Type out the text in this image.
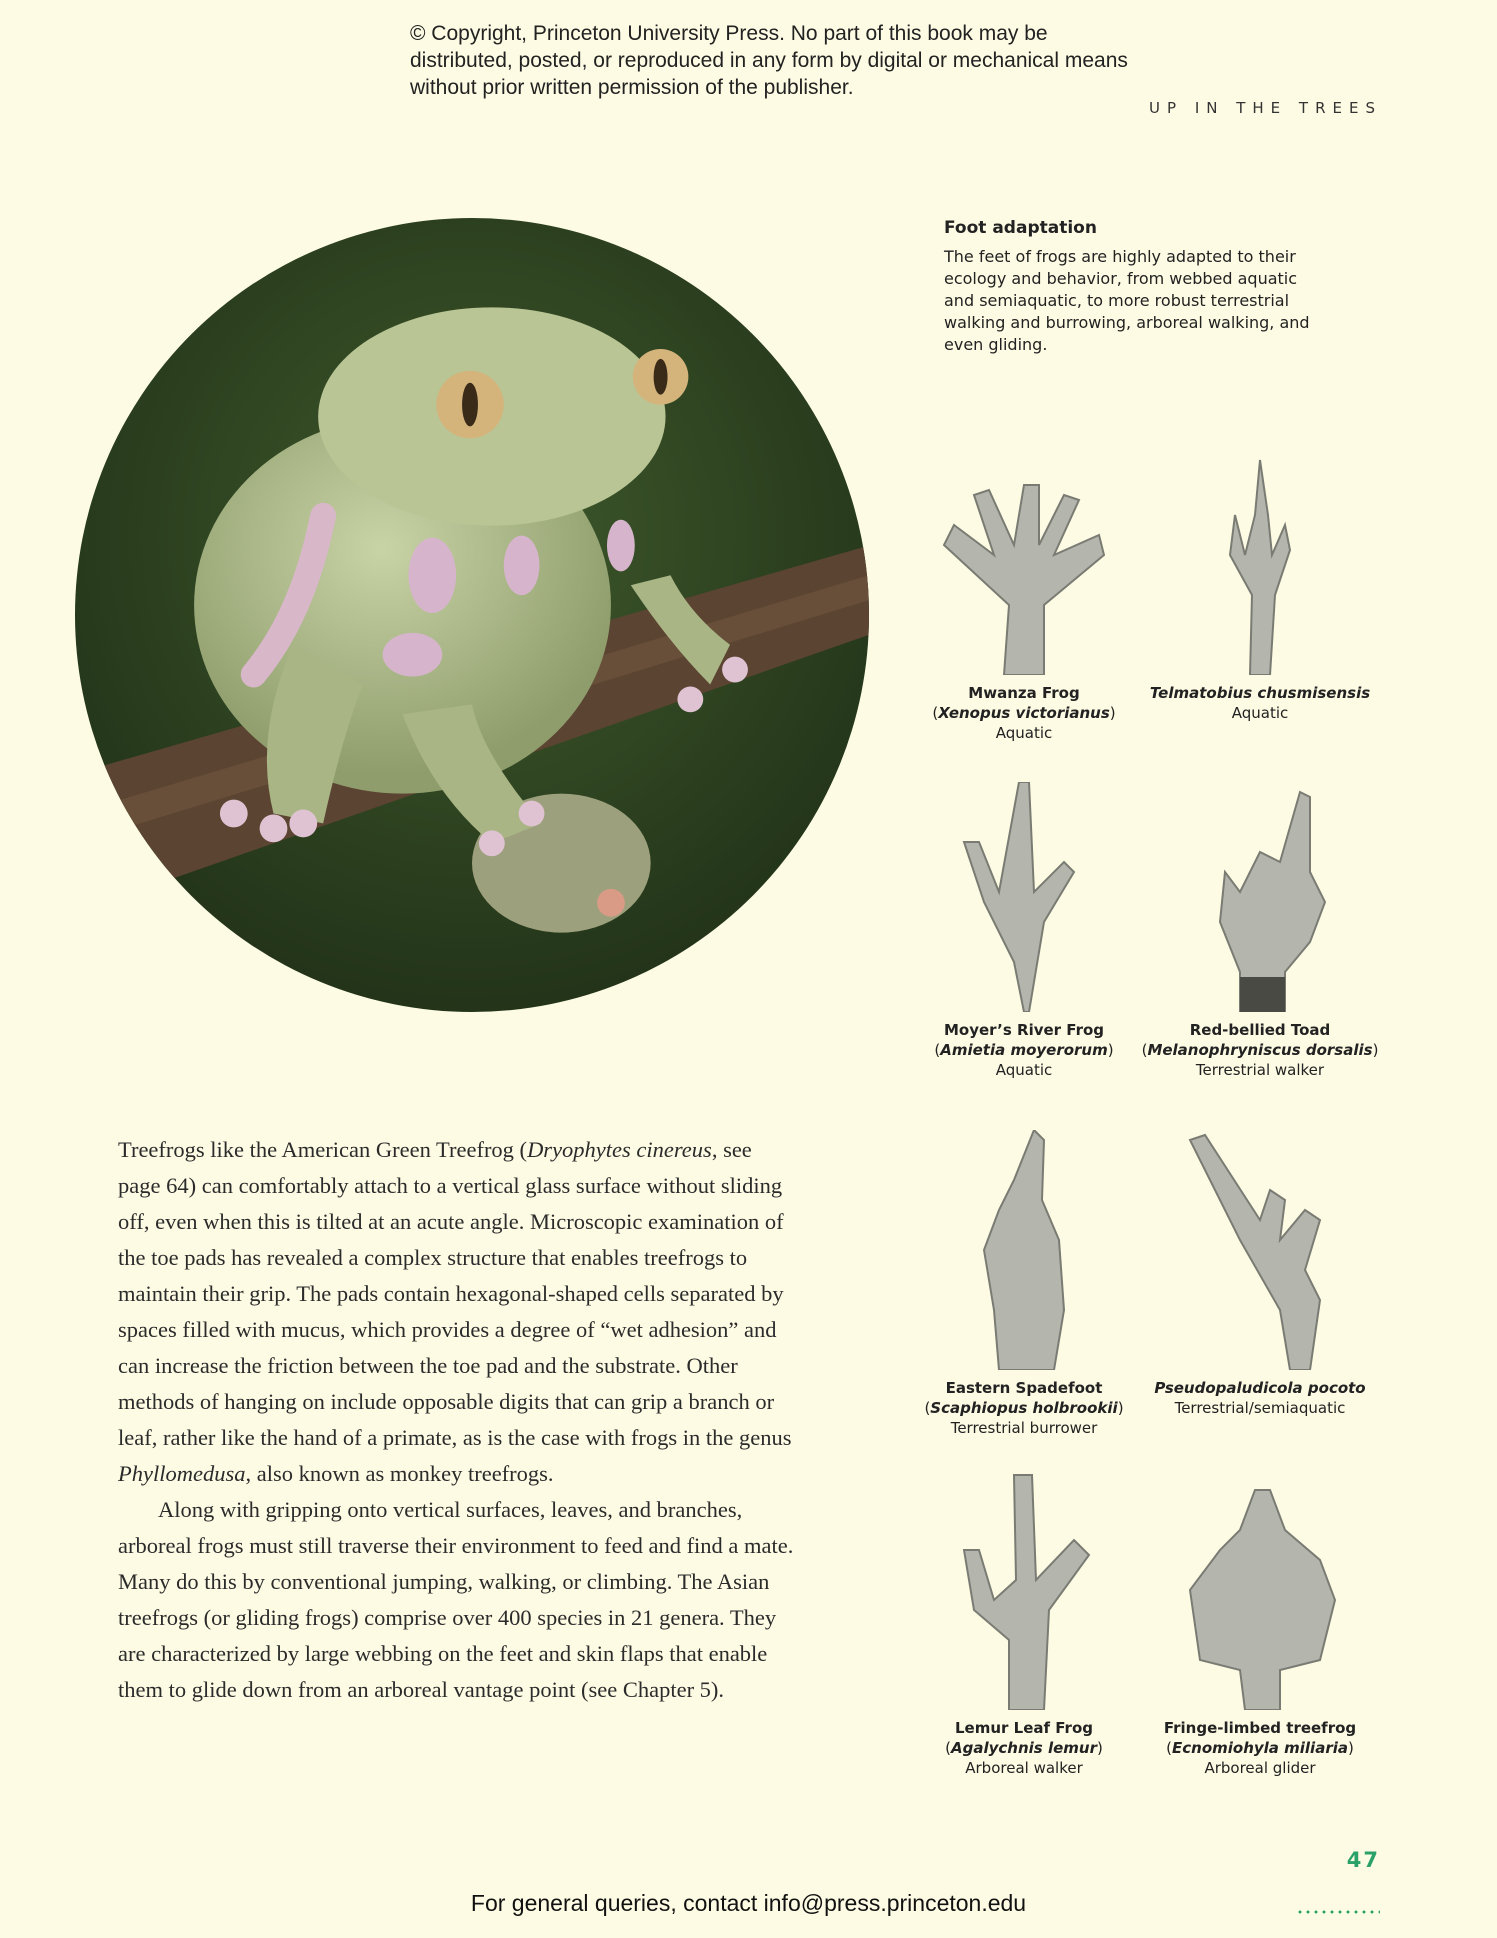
© Copyright, Princeton University Press. No part of this book may be distributed, posted, or reproduced in any form by digital or mechanical means without prior written permission of the publisher.
UP IN THE TREES
Foot adaptation

The feet of frogs are highly adapted to their ecology and behavior, from webbed aquatic and semiaquatic, to more robust terrestrial walking and burrowing, arboreal walking, and even gliding.

Mwanza Frog
(Xenopus victorianus)
Aquatic
Telmatobius chusmisensis
Aquatic
Moyer’s River Frog
(Amietia moyerorum)
Aquatic
Red-bellied Toad
(Melanophryniscus dorsalis)
Terrestrial walker
Eastern Spadefoot
(Scaphiopus holbrookii)
Terrestrial burrower
Pseudopaludicola pocoto
Terrestrial/semiaquatic
Lemur Leaf Frog
(Agalychnis lemur)
Arboreal walker
Fringe-limbed treefrog
(Ecnomiohyla miliaria)
Arboreal glider

Treefrogs like the American Green Treefrog (Dryophytes cinereus, see page 64) can comfortably attach to a vertical glass surface without sliding off, even when this is tilted at an acute angle. Microscopic examination of the toe pads has revealed a complex structure that enables treefrogs to maintain their grip. The pads contain hexagonal-shaped cells separated by spaces filled with mucus, which provides a degree of “wet adhesion” and can increase the friction between the toe pad and the substrate. Other methods of hanging on include opposable digits that can grip a branch or leaf, rather like the hand of a primate, as is the case with frogs in the genus Phyllomedusa, also known as monkey treefrogs.

Along with gripping onto vertical surfaces, leaves, and branches, arboreal frogs must still traverse their environment to feed and find a mate. Many do this by conventional jumping, walking, or climbing. The Asian treefrogs (or gliding frogs) comprise over 400 species in 21 genera. They are characterized by large webbing on the feet and skin flaps that enable them to glide down from an arboreal vantage point (see Chapter 5).

47
For general queries, contact info@press.princeton.edu
